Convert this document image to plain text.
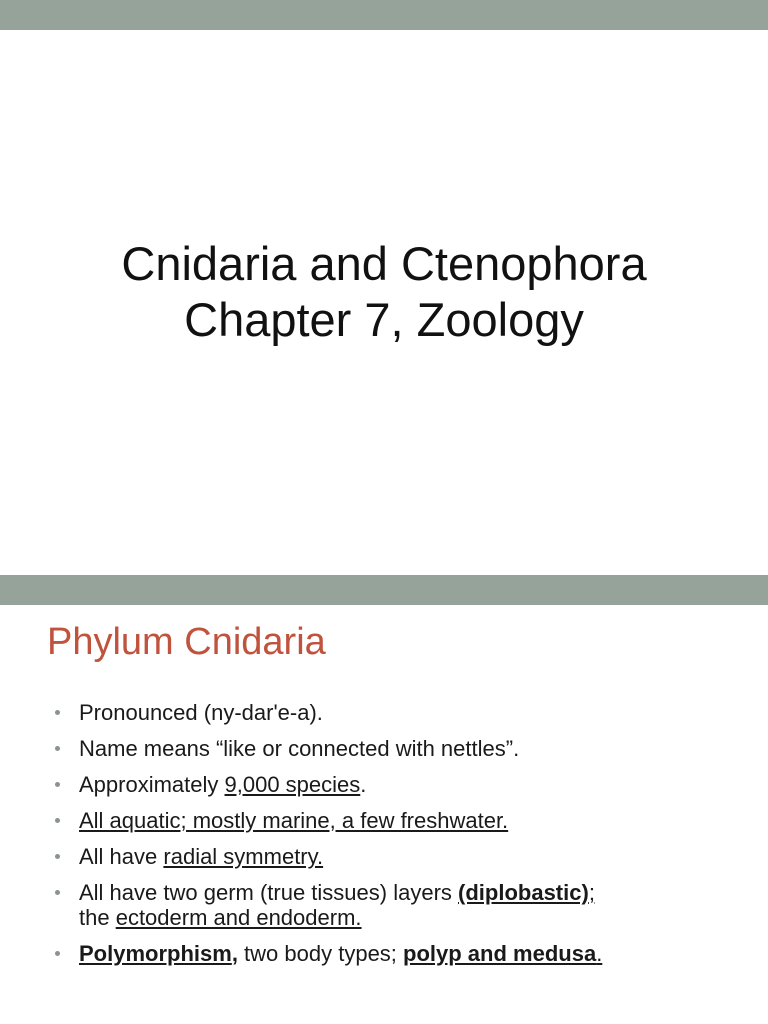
Cnidaria and Ctenophora
Chapter 7, Zoology
Phylum Cnidaria
Pronounced (ny-dar'e-a).
Name means “like or connected with nettles”.
Approximately 9,000 species.
All aquatic; mostly marine, a few freshwater.
All have radial symmetry.
All have two germ (true tissues) layers (diplobastic);
the ectoderm and endoderm.
Polymorphism, two body types; polyp and medusa.
